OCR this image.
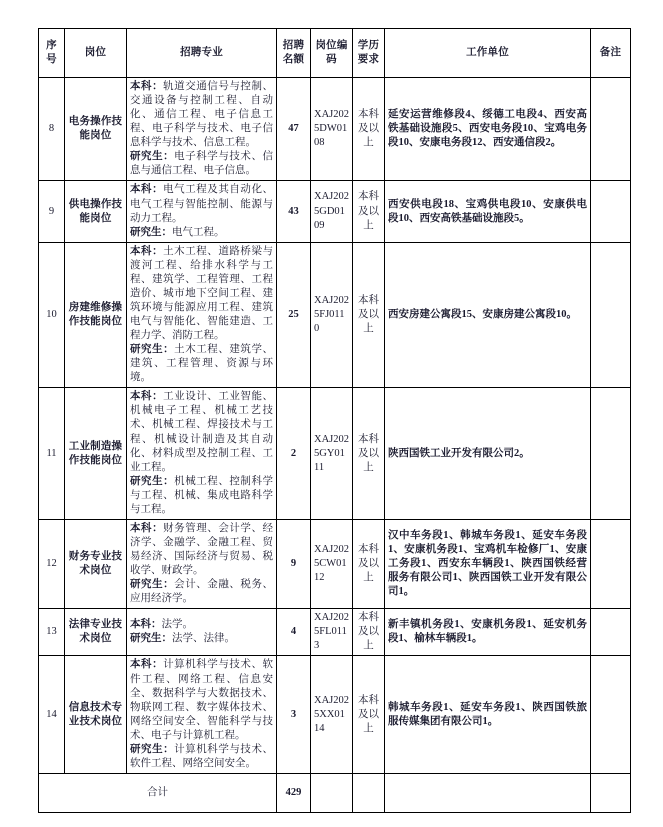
序号	岗位	招聘专业	招聘名额	岗位编码	学历要求	工作单位	备注
8	电务操作技能岗位	本科：轨道交通信号与控制、交通设备与控制工程、自动化、通信工程、电子信息工程、电子科学与技术、电子信息科学与技术、信息工程。
研究生：电子科学与技术、信息与通信工程、电子信息。	47	XAJ2025DW0108	本科及以上	延安运营维修段4、绥德工电段4、西安高铁基础设施段5、西安电务段10、宝鸡电务段10、安康电务段12、西安通信段2。	
9	供电操作技能岗位	本科：电气工程及其自动化、电气工程与智能控制、能源与动力工程。
研究生：电气工程。	43	XAJ2025GD0109	本科及以上	西安供电段18、宝鸡供电段10、安康供电段10、西安高铁基础设施段5。	
10	房建维修操作技能岗位	本科：土木工程、道路桥梁与渡河工程、给排水科学与工程、建筑学、工程管理、工程造价、城市地下空间工程、建筑环境与能源应用工程、建筑电气与智能化、智能建造、工程力学、消防工程。
研究生：土木工程、建筑学、建筑、工程管理、资源与环境。	25	XAJ2025FJ0110	本科及以上	西安房建公寓段15、安康房建公寓段10。	
11	工业制造操作技能岗位	本科：工业设计、工业智能、机械电子工程、机械工艺技术、机械工程、焊接技术与工程、机械设计制造及其自动化、材料成型及控制工程、工业工程。
研究生：机械工程、控制科学与工程、机械、集成电路科学与工程。	2	XAJ2025GY0111	本科及以上	陕西国铁工业开发有限公司2。	
12	财务专业技术岗位	本科：财务管理、会计学、经济学、金融学、金融工程、贸易经济、国际经济与贸易、税收学、财政学。
研究生：会计、金融、税务、应用经济学。	9	XAJ2025CW0112	本科及以上	汉中车务段1、韩城车务段1、延安车务段1、安康机务段1、宝鸡机车检修厂1、安康工务段1、西安东车辆段1、陕西国铁经营服务有限公司1、陕西国铁工业开发有限公司1。	
13	法律专业技术岗位	本科：法学。
研究生：法学、法律。	4	XAJ2025FL0113	本科及以上	新丰镇机务段1、安康机务段1、延安机务段1、榆林车辆段1。	
14	信息技术专业技术岗位	本科：计算机科学与技术、软件工程、网络工程、信息安全、数据科学与大数据技术、物联网工程、数字媒体技术、网络空间安全、智能科学与技术、电子与计算机工程。
研究生：计算机科学与技术、软件工程、网络空间安全。	3	XAJ2025XX0114	本科及以上	韩城车务段1、延安车务段1、陕西国铁旅服传媒集团有限公司1。	
合计			429				
